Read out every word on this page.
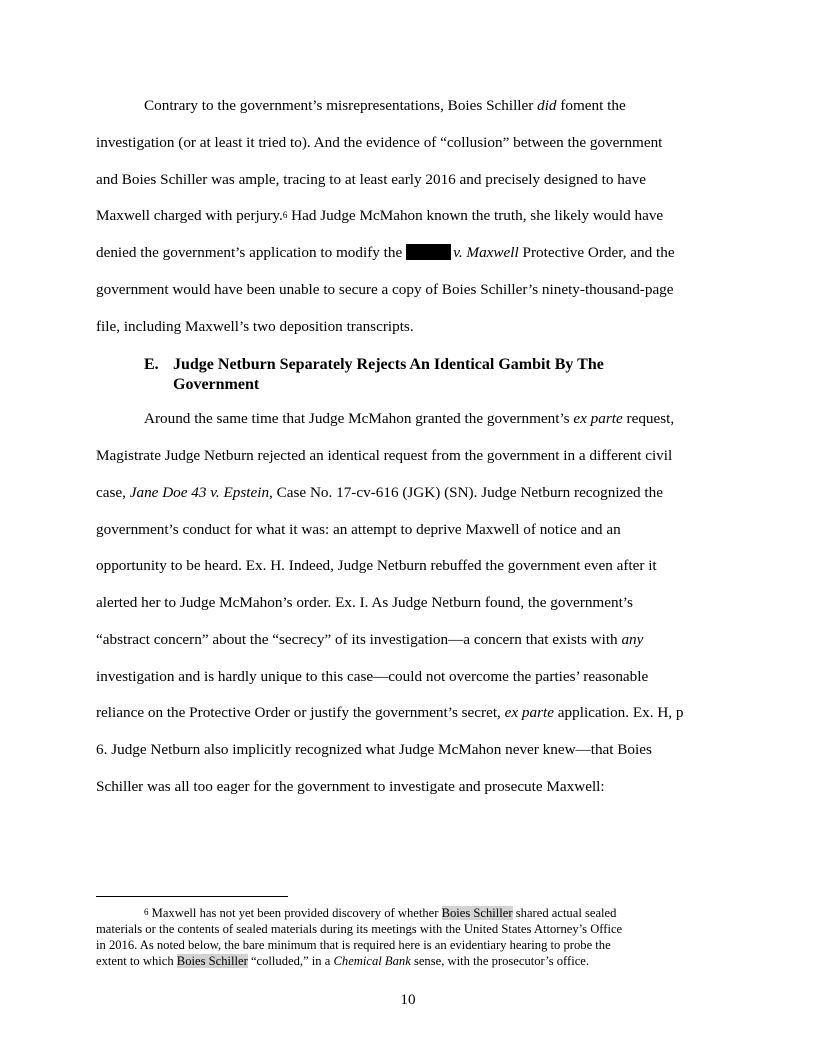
Contrary to the government’s misrepresentations, Boies Schiller did foment the
investigation (or at least it tried to). And the evidence of “collusion” between the government
and Boies Schiller was ample, tracing to at least early 2016 and precisely designed to have
Maxwell charged with perjury.$^6$ Had Judge McMahon known the truth, she likely would have
denied the government’s application to modify the	v. Maxwell Protective Order, and the
government would have been unable to secure a copy of Boies Schiller’s ninety-thousand-page
file, including Maxwell’s two deposition transcripts.
E. Judge Netburn Separately Rejects An Identical Gambit By The
Government
Around the same time that Judge McMahon granted the government’s ex parte request,
Magistrate Judge Netburn rejected an identical request from the government in a different civil
case, Jane Doe 43 v. Epstein, Case No. 17-cv-616 (JGK) (SN). Judge Netburn recognized the
government’s conduct for what it was: an attempt to deprive Maxwell of notice and an
opportunity to be heard. Ex. H. Indeed, Judge Netburn rebuffed the government even after it
alerted her to Judge McMahon’s order. Ex. I. As Judge Netburn found, the government’s
“abstract concern” about the “secrecy” of its investigation—a concern that exists with any
investigation and is hardly unique to this case—could not overcome the parties’ reasonable
reliance on the Protective Order or justify the government’s secret, ex parte application. Ex. H, p
6. Judge Netburn also implicitly recognized what Judge McMahon never knew—that Boies
Schiller was all too eager for the government to investigate and prosecute Maxwell:
$^6$ Maxwell has not yet been provided discovery of whether Boies Schiller shared actual sealed
materials or the contents of sealed materials during its meetings with the United States Attorney’s Office
in 2016. As noted below, the bare minimum that is required here is an evidentiary hearing to probe the
extent to which Boies Schiller “colluded,” in a Chemical Bank sense, with the prosecutor’s office.
10
